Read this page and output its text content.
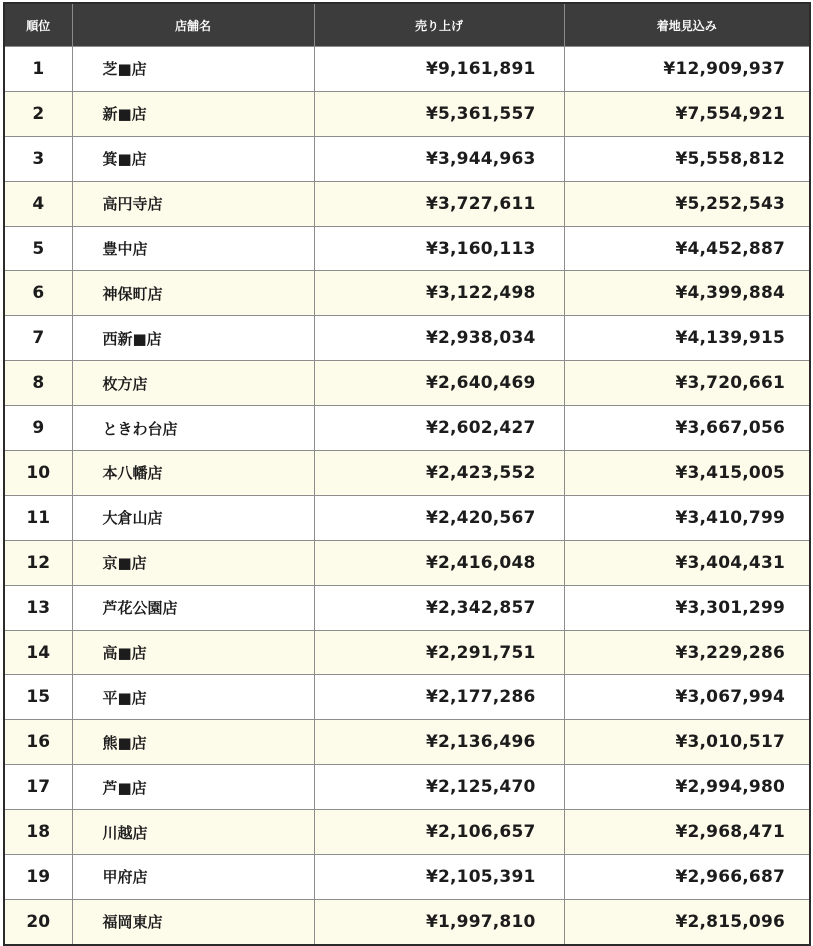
順位	店舗名	売り上げ	着地見込み
1	芝■店	¥9,161,891	¥12,909,937
2	新■店	¥5,361,557	¥7,554,921
3	箕■店	¥3,944,963	¥5,558,812
4	高円寺店	¥3,727,611	¥5,252,543
5	豊中店	¥3,160,113	¥4,452,887
6	神保町店	¥3,122,498	¥4,399,884
7	西新■店	¥2,938,034	¥4,139,915
8	枚方店	¥2,640,469	¥3,720,661
9	ときわ台店	¥2,602,427	¥3,667,056
10	本八幡店	¥2,423,552	¥3,415,005
11	大倉山店	¥2,420,567	¥3,410,799
12	京■店	¥2,416,048	¥3,404,431
13	芦花公園店	¥2,342,857	¥3,301,299
14	高■店	¥2,291,751	¥3,229,286
15	平■店	¥2,177,286	¥3,067,994
16	熊■店	¥2,136,496	¥3,010,517
17	芦■店	¥2,125,470	¥2,994,980
18	川越店	¥2,106,657	¥2,968,471
19	甲府店	¥2,105,391	¥2,966,687
20	福岡東店	¥1,997,810	¥2,815,096
